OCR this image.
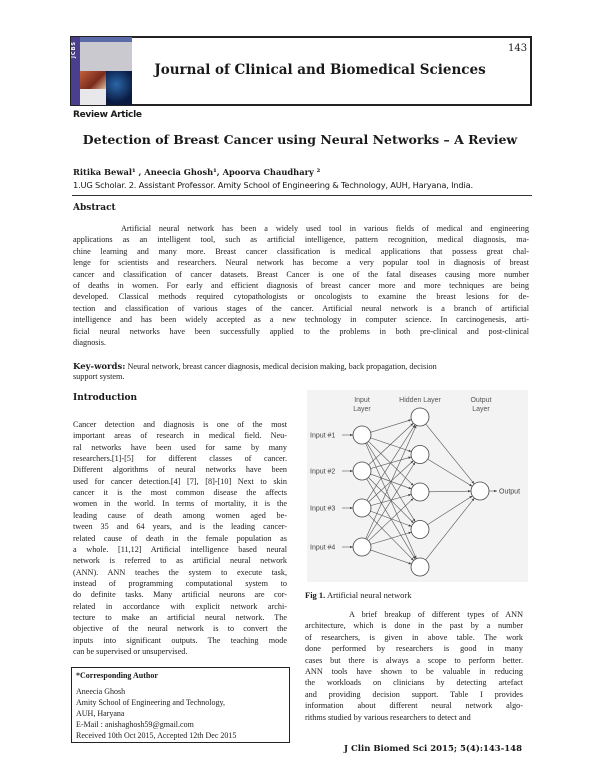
JCBS	143
Journal of Clinical and Biomedical Sciences
Review Article
Detection of Breast Cancer using Neural Networks – A Review
Ritika Bewal¹ , Aneecia Ghosh¹, Apoorva Chaudhary ²
1.UG Scholar. 2. Assistant Professor. Amity School of Engineering & Technology, AUH, Haryana, India.
Abstract
Artificial neural network has been a widely used tool in various fields of medical and engineering
applications as an intelligent tool, such as artificial intelligence, pattern recognition, medical diagnosis, ma-
chine learning and many more. Breast cancer classification is medical applications that possess great chal-
lenge for scientists and researchers. Neural network has become a very popular tool in diagnosis of breast
cancer and classification of cancer datasets. Breast Cancer is one of the fatal diseases causing more number
of deaths in women. For early and efficient diagnosis of breast cancer more and more techniques are being
developed. Classical methods required cytopathologists or oncologists to examine the breast lesions for de-
tection and classification of various stages of the cancer. Artificial neural network is a branch of artificial
intelligence and has been widely accepted as a new technology in computer science. In carcinogenesis, arti-
ficial neural networks have been successfully applied to the problems in both pre-clinical and post-clinical
diagnosis.
Key-words: Neural network, breast cancer diagnosis, medical decision making, back propagation, decision
support system.
Introduction
Cancer detection and diagnosis is one of the most
important areas of research in medical field. Neu-
ral networks have been used for same by many
researchers.[1]-[5] for different classes of cancer.
Different algorithms of neural networks have been
used for cancer detection.[4] [7], [8]-[10] Next to skin
cancer it is the most common disease the affects
women in the world. In terms of mortality, it is the
leading cause of death among women aged be-
tween 35 and 64 years, and is the leading cancer-
related cause of death in the female population as
a whole. [11,12] Artificial intelligence based neural
network is referred to as artificial neural network
(ANN). ANN teaches the system to execute task,
instead of programming computational system to
do definite tasks. Many artificial neurons are cor-
related in accordance with explicit network archi-
tecture to make an artificial neural network. The
objective of the neural network is to convert the
inputs into significant outputs. The teaching mode
can be supervised or unsupervised.
*Corresponding Author
Aneecia Ghosh
Amity School of Engineering and Technology,
AUH, Haryana
E-Mail : anishaghosh59@gmail.com
Received 10th Oct 2015, Accepted 12th Dec 2015
Input
Layer
Hidden Layer	Output
Layer
Input #1
Input #2
Input #3
Input #4
Output
Fig 1. Artificial neural network
A brief breakup of different types of ANN
architecture, which is done in the past by a number
of researchers, is given in above table. The work
done performed by researchers is good in many
cases but there is always a scope to perform better.
ANN tools have shown to be valuable in reducing
the workloads on clinicians by detecting artefact
and providing decision support. Table I provides
information about different neural network algo-
rithms studied by various researchers to detect and
J Clin Biomed Sci 2015; 5(4):143-148
